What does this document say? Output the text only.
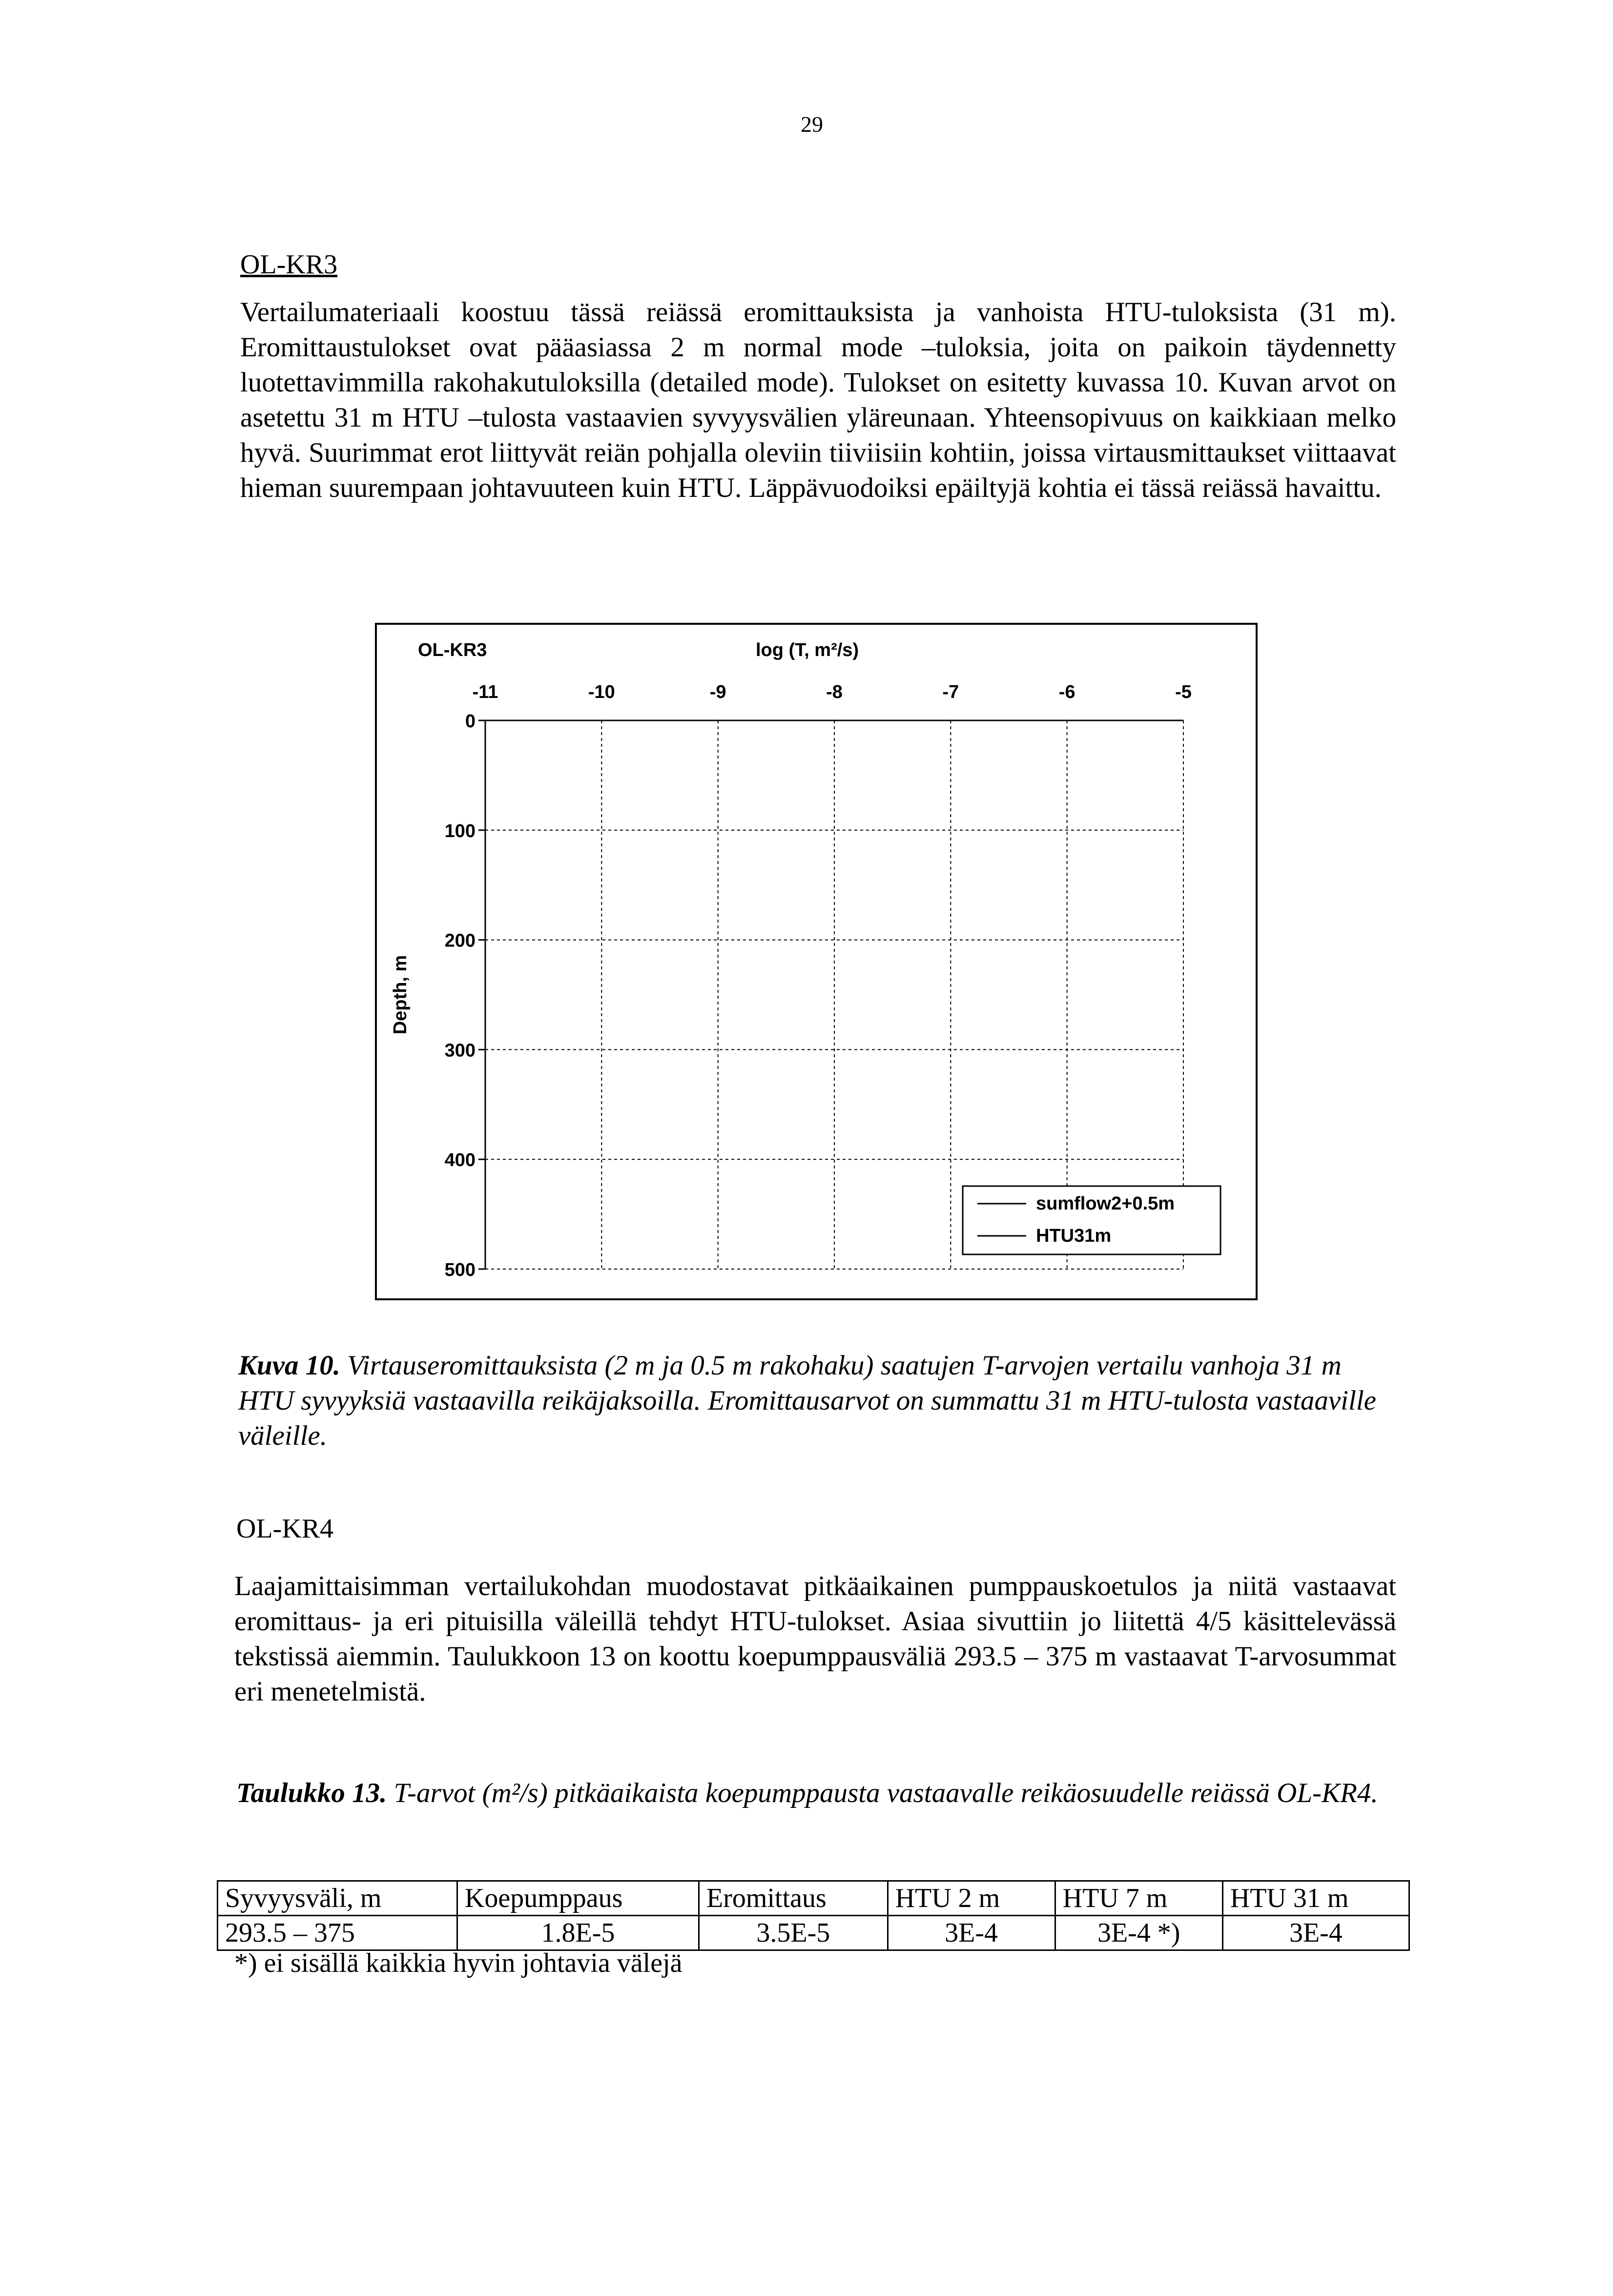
29
OL-KR3

Vertailumateriaali koostuu tässä reiässä eromittauksista ja vanhoista HTU-tuloksista (31 m). Eromittaustulokset ovat pääasiassa 2 m normal mode –tuloksia, joita on paikoin täydennetty luotettavimmilla rakohakutuloksilla (detailed mode). Tulokset on esitetty kuvassa 10. Kuvan arvot on asetettu 31 m HTU –tulosta vastaavien syvyysvälien yläreunaan. Yhteensopivuus on kaikkiaan melko hyvä. Suurimmat erot liittyvät reiän pohjalla oleviin tiiviisiin kohtiin, joissa virtausmittaukset viittaavat hieman suurempaan johtavuuteen kuin HTU. Läppävuodoiksi epäiltyjä kohtia ei tässä reiässä havaittu.

OL-KR3	log (T, m²/s)
-11	-10	-9	-8	-7	-6	-5
0
100
200
300
400
500
Depth, m
sumflow2+0.5m
HTU31m

Kuva 10. Virtauseromittauksista (2 m ja 0.5 m rakohaku) saatujen T-arvojen vertailu vanhoja 31 m HTU syvyyksiä vastaavilla reikäjaksoilla. Eromittausarvot on summattu 31 m HTU-tulosta vastaaville väleille.

OL-KR4

Laajamittaisimman vertailukohdan muodostavat pitkäaikainen pumppauskoetulos ja niitä vastaavat eromittaus- ja eri pituisilla väleillä tehdyt HTU-tulokset. Asiaa sivuttiin jo liitettä 4/5 käsittelevässä tekstissä aiemmin. Taulukkoon 13 on koottu koepumppausväliä 293.5 – 375 m vastaavat T-arvosummat eri menetelmistä.

Taulukko 13. T-arvot (m²/s) pitkäaikaista koepumppausta vastaavalle reikäosuudelle reiässä OL-KR4.

Syvyysväli, m	Koepumppaus	Eromittaus	HTU 2 m	HTU 7 m	HTU 31 m
293.5 – 375	1.8E-5	3.5E-5	3E-4	3E-4 *)	3E-4
*) ei sisällä kaikkia hyvin johtavia välejä
